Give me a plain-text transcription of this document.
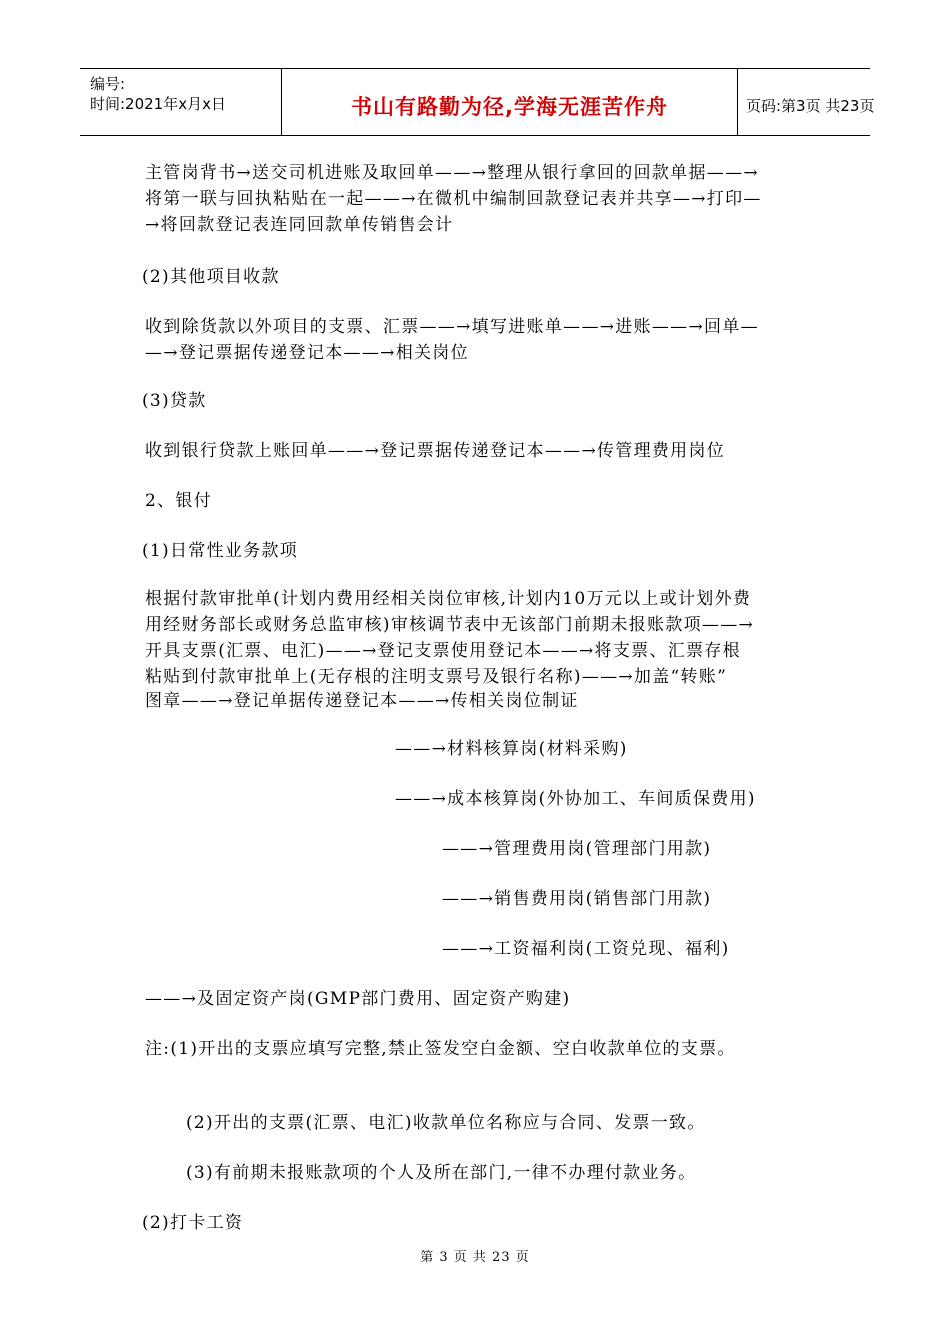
编号:
时间:2021年x月x日	书山有路勤为径,学海无涯苦作舟	页码:第3页 共23页
主管岗背书→送交司机进账及取回单——→整理从银行拿回的回款单据——→
将第一联与回执粘贴在一起——→在微机中编制回款登记表并共享—→打印—
→将回款登记表连同回款单传销售会计
(2)其他项目收款
收到除货款以外项目的支票、汇票——→填写进账单——→进账——→回单—
—→登记票据传递登记本——→相关岗位
(3)贷款
收到银行贷款上账回单——→登记票据传递登记本——→传管理费用岗位
2、银付
(1)日常性业务款项
根据付款审批单(计划内费用经相关岗位审核,计划内10万元以上或计划外费
用经财务部长或财务总监审核)审核调节表中无该部门前期未报账款项——→
开具支票(汇票、电汇)——→登记支票使用登记本——→将支票、汇票存根
粘贴到付款审批单上(无存根的注明支票号及银行名称)——→加盖“转账”
图章——→登记单据传递登记本——→传相关岗位制证
——→材料核算岗(材料采购)
——→成本核算岗(外协加工、车间质保费用)
——→管理费用岗(管理部门用款)
——→销售费用岗(销售部门用款)
——→工资福利岗(工资兑现、福利)
——→及固定资产岗(GMP部门费用、固定资产购建)
注:(1)开出的支票应填写完整,禁止签发空白金额、空白收款单位的支票。
(2)开出的支票(汇票、电汇)收款单位名称应与合同、发票一致。
(3)有前期未报账款项的个人及所在部门,一律不办理付款业务。
(2)打卡工资
第 3 页 共 23 页
